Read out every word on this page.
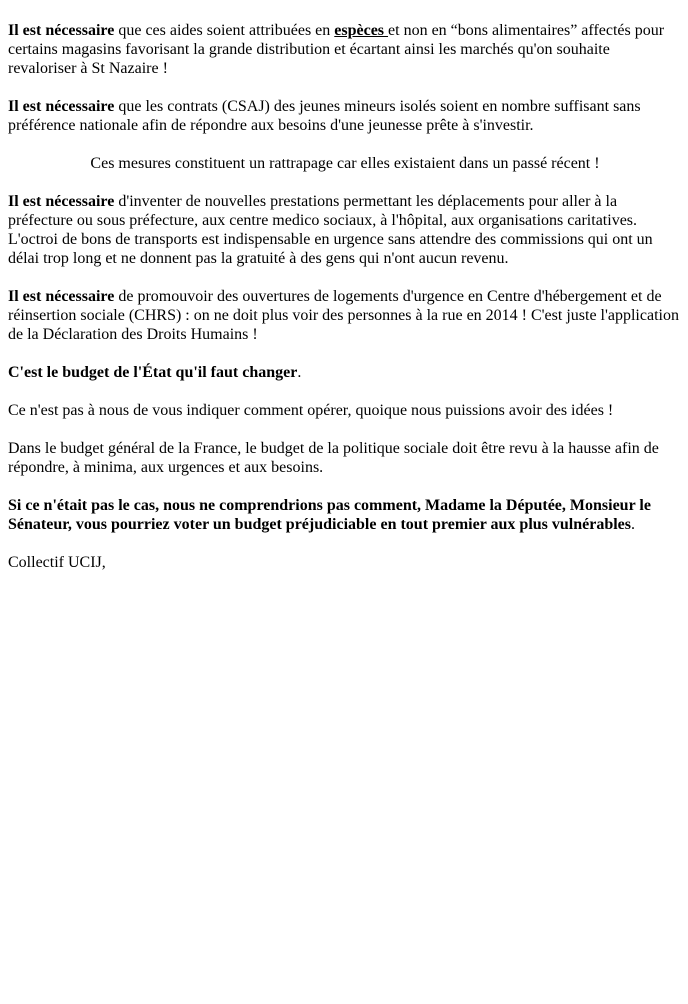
Il est nécessaire que ces aides soient attribuées en espèces et non en “bons alimentaires” affectés pour certains magasins favorisant la grande distribution et écartant ainsi les marchés qu'on souhaite revaloriser à St Nazaire !

Il est nécessaire que les contrats (CSAJ) des jeunes mineurs isolés soient en nombre suffisant sans préférence nationale afin de répondre aux besoins d'une jeunesse prête à s'investir.

Ces mesures constituent un rattrapage car elles existaient dans un passé récent !

Il est nécessaire d'inventer de nouvelles prestations permettant les déplacements pour aller à la préfecture ou sous préfecture, aux centre medico sociaux, à l'hôpital, aux organisations caritatives. L'octroi de bons de transports est indispensable en urgence sans attendre des commissions qui ont un délai trop long et ne donnent pas la gratuité à des gens qui n'ont aucun revenu.

Il est nécessaire de promouvoir des ouvertures de logements d'urgence en Centre d'hébergement et de réinsertion sociale (CHRS) : on ne doit plus voir des personnes à la rue en 2014 ! C'est juste l'application de la Déclaration des Droits Humains !

C'est le budget de l'État qu'il faut changer.

Ce n'est pas à nous de vous indiquer comment opérer, quoique nous puissions avoir des idées !

Dans le budget général de la France, le budget de la politique sociale doit être revu à la hausse afin de répondre, à minima, aux urgences et aux besoins.

Si ce n'était pas le cas, nous ne comprendrions pas comment, Madame la Députée, Monsieur le Sénateur, vous pourriez voter un budget préjudiciable en tout premier aux plus vulnérables.

Collectif UCIJ,
